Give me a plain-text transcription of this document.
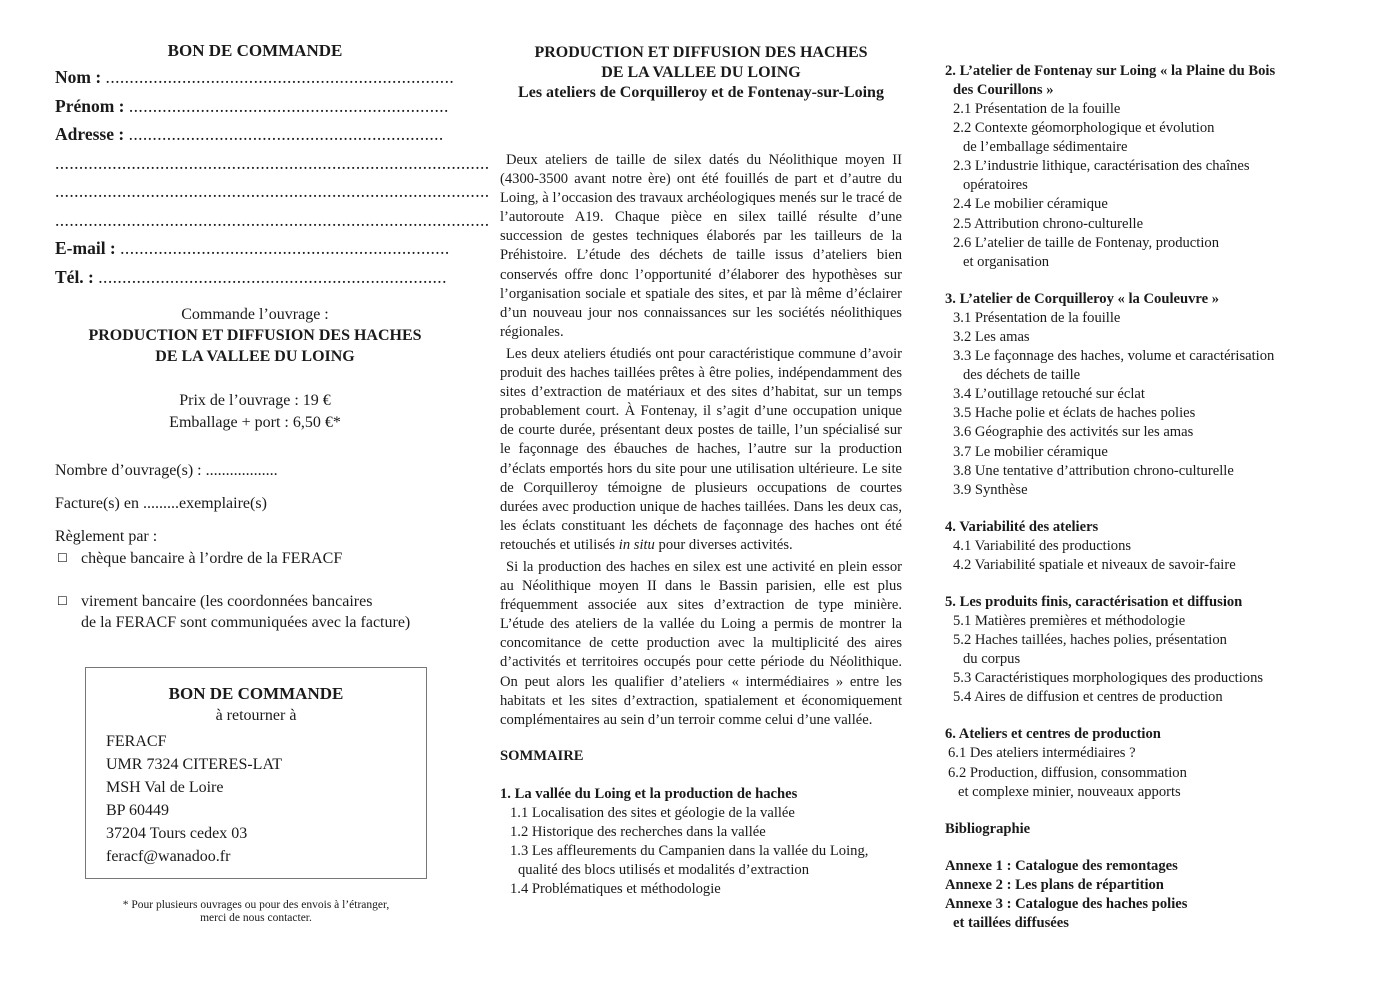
BON DE COMMANDE
Nom : .........................................................................
Prénom : ...................................................................
Adresse : ..................................................................
...........................................................................................
...........................................................................................
...........................................................................................
E-mail : .....................................................................
Tél. : .........................................................................
Commande l’ouvrage :
PRODUCTION ET DIFFUSION DES HACHES
DE LA VALLEE DU LOING
Prix de l’ouvrage : 19 €
Emballage + port : 6,50 €*
Nombre d’ouvrage(s) : ..................
Facture(s) en .........exemplaire(s)
Règlement par :
☐ chèque bancaire à l’ordre de la FERACF
☐ virement bancaire (les coordonnées bancaires
de la FERACF sont communiquées avec la facture)
BON DE COMMANDE
à retourner à
FERACF
UMR 7324 CITERES-LAT
MSH Val de Loire
BP 60449
37204 Tours cedex 03
feracf@wanadoo.fr
* Pour plusieurs ouvrages ou pour des envois à l’étranger,
merci de nous contacter.
PRODUCTION ET DIFFUSION DES HACHES
DE LA VALLEE DU LOING
Les ateliers de Corquilleroy et de Fontenay-sur-Loing

Deux ateliers de taille de silex datés du Néolithique moyen II (4300-3500 avant notre ère) ont été fouillés de part et d’autre du Loing, à l’occasion des travaux archéologiques menés sur le tracé de l’autoroute A19. Chaque pièce en silex taillé résulte d’une succession de gestes techniques élaborés par les tailleurs de la Préhistoire. L’étude des déchets de taille issus d’ateliers bien conservés offre donc l’opportunité d’élaborer des hypothèses sur l’organisation sociale et spatiale des sites, et par là même d’éclairer d’un nouveau jour nos connaissances sur les sociétés néolithiques régionales.

Les deux ateliers étudiés ont pour caractéristique commune d’avoir produit des haches taillées prêtes à être polies, indépendamment des sites d’extraction de matériaux et des sites d’habitat, sur un temps probablement court. À Fontenay, il s’agit d’une occupation unique de courte durée, présentant deux postes de taille, l’un spécialisé sur le façonnage des ébauches de haches, l’autre sur la production d’éclats emportés hors du site pour une utilisation ultérieure. Le site de Corquilleroy témoigne de plusieurs occupations de courtes durées avec production unique de haches taillées. Dans les deux cas, les éclats constituant les déchets de façonnage des haches ont été retouchés et utilisés in situ pour diverses activités.

Si la production des haches en silex est une activité en plein essor au Néolithique moyen II dans le Bassin parisien, elle est plus fréquemment associée aux sites d’extraction de type minière. L’étude des ateliers de la vallée du Loing a permis de montrer la concomitance de cette production avec la multiplicité des aires d’activités et territoires occupés pour cette période du Néolithique. On peut alors les qualifier d’ateliers « intermédiaires » entre les habitats et les sites d’extraction, spatialement et économiquement complémentaires au sein d’un terroir comme celui d’une vallée.

SOMMAIRE
1. La vallée du Loing et la production de haches
1.1 Localisation des sites et géologie de la vallée
1.2 Historique des recherches dans la vallée
1.3 Les affleurements du Campanien dans la vallée du Loing,
qualité des blocs utilisés et modalités d’extraction
1.4 Problématiques et méthodologie
2. L’atelier de Fontenay sur Loing « la Plaine du Bois
des Courillons »
2.1 Présentation de la fouille
2.2 Contexte géomorphologique et évolution
de l’emballage sédimentaire
2.3 L’industrie lithique, caractérisation des chaînes
opératoires
2.4 Le mobilier céramique
2.5 Attribution chrono-culturelle
2.6 L’atelier de taille de Fontenay, production
et organisation
3. L’atelier de Corquilleroy « la Couleuvre »
3.1 Présentation de la fouille
3.2 Les amas
3.3 Le façonnage des haches, volume et caractérisation
des déchets de taille
3.4 L’outillage retouché sur éclat
3.5 Hache polie et éclats de haches polies
3.6 Géographie des activités sur les amas
3.7 Le mobilier céramique
3.8 Une tentative d’attribution chrono-culturelle
3.9 Synthèse
4. Variabilité des ateliers
4.1 Variabilité des productions
4.2 Variabilité spatiale et niveaux de savoir-faire
5. Les produits finis, caractérisation et diffusion
5.1 Matières premières et méthodologie
5.2 Haches taillées, haches polies, présentation
du corpus
5.3 Caractéristiques morphologiques des productions
5.4 Aires de diffusion et centres de production
6. Ateliers et centres de production
6.1 Des ateliers intermédiaires ?
6.2 Production, diffusion, consommation
et complexe minier, nouveaux apports
Bibliographie
Annexe 1 : Catalogue des remontages
Annexe 2 : Les plans de répartition
Annexe 3 : Catalogue des haches polies
et taillées diffusées
